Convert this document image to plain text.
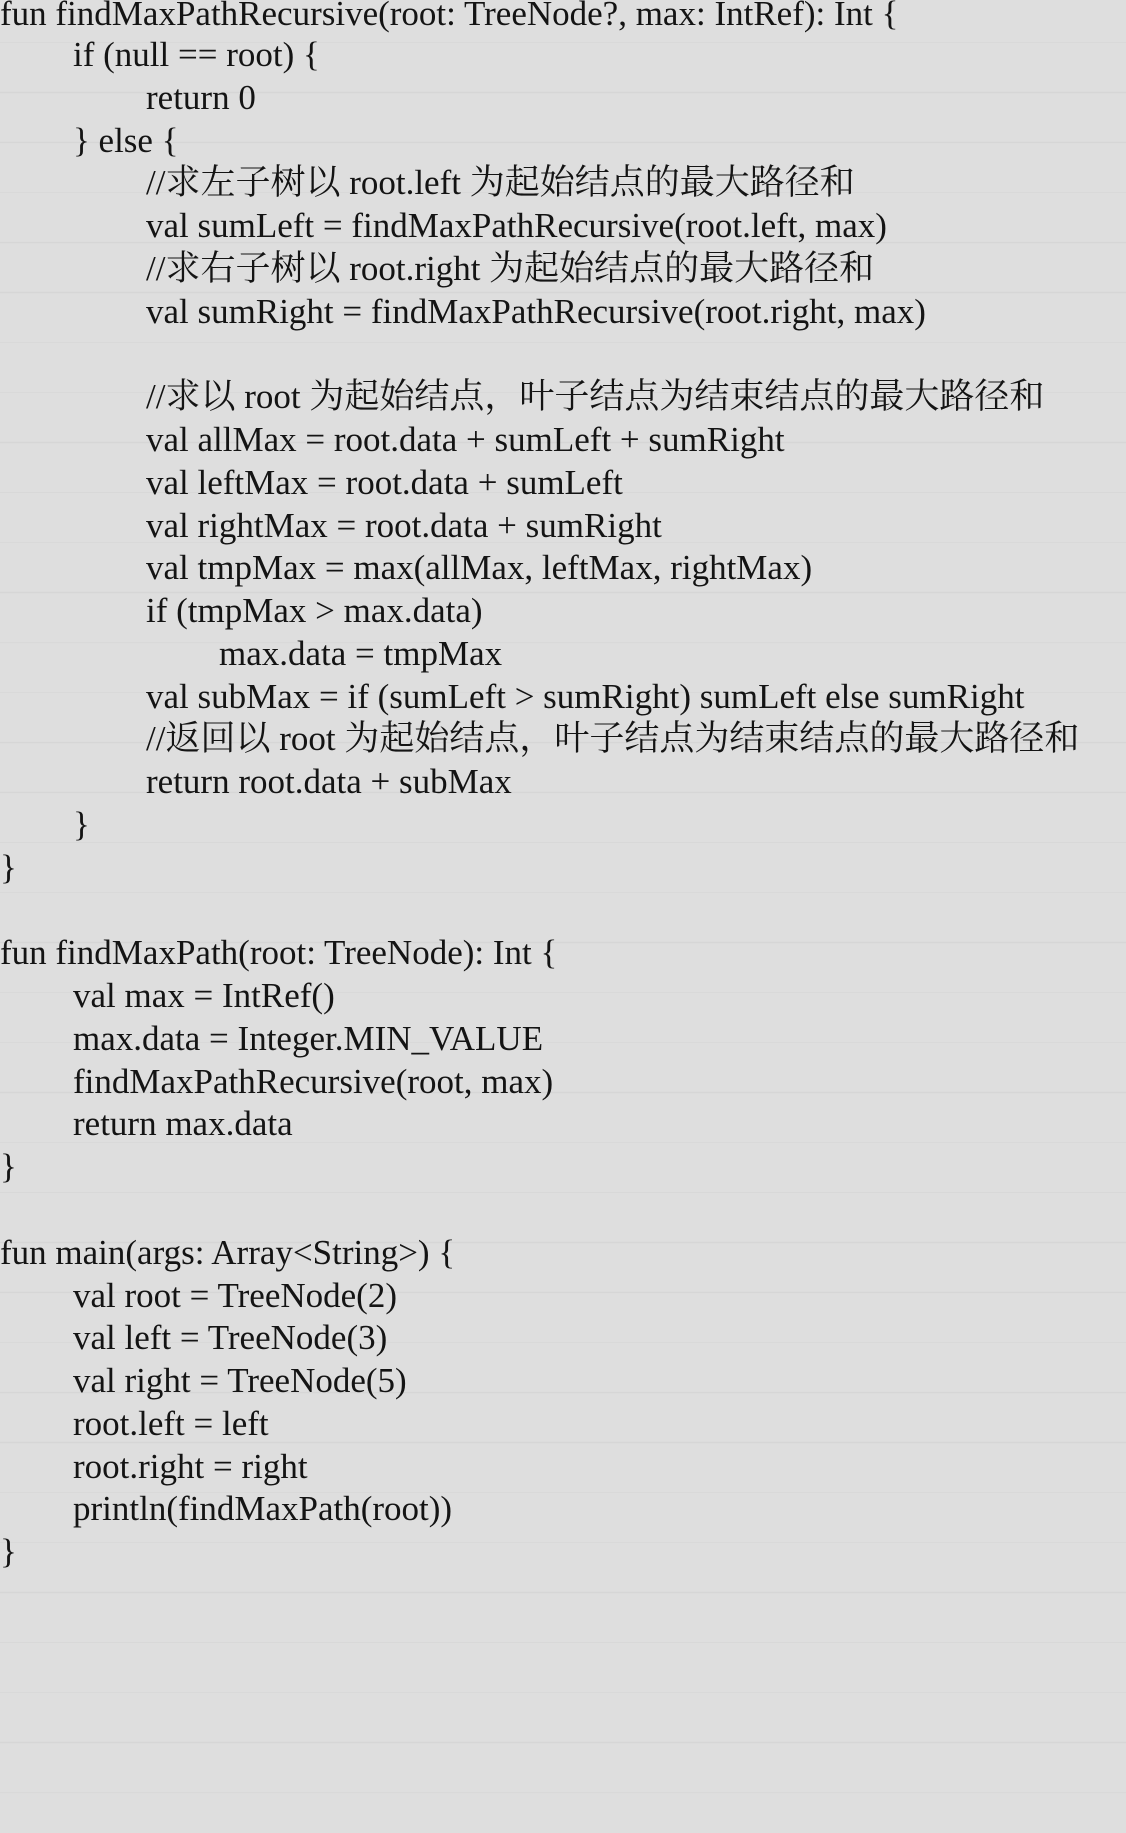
fun findMaxPathRecursive(root: TreeNode?, max: IntRef): Int {
if (null == root) {
return 0
} else {
//求左子树以 root.left 为起始结点的最大路径和
val sumLeft = findMaxPathRecursive(root.left, max)
//求右子树以 root.right 为起始结点的最大路径和
val sumRight = findMaxPathRecursive(root.right, max)
//求以 root 为起始结点，叶子结点为结束结点的最大路径和
val allMax = root.data + sumLeft + sumRight
val leftMax = root.data + sumLeft
val rightMax = root.data + sumRight
val tmpMax = max(allMax, leftMax, rightMax)
if (tmpMax > max.data)
max.data = tmpMax
val subMax = if (sumLeft > sumRight) sumLeft else sumRight
//返回以 root 为起始结点，叶子结点为结束结点的最大路径和
return root.data + subMax
}
}
fun findMaxPath(root: TreeNode): Int {
val max = IntRef()
max.data = Integer.MIN_VALUE
findMaxPathRecursive(root, max)
return max.data
}
fun main(args: Array<String>) {
val root = TreeNode(2)
val left = TreeNode(3)
val right = TreeNode(5)
root.left = left
root.right = right
println(findMaxPath(root))
}
